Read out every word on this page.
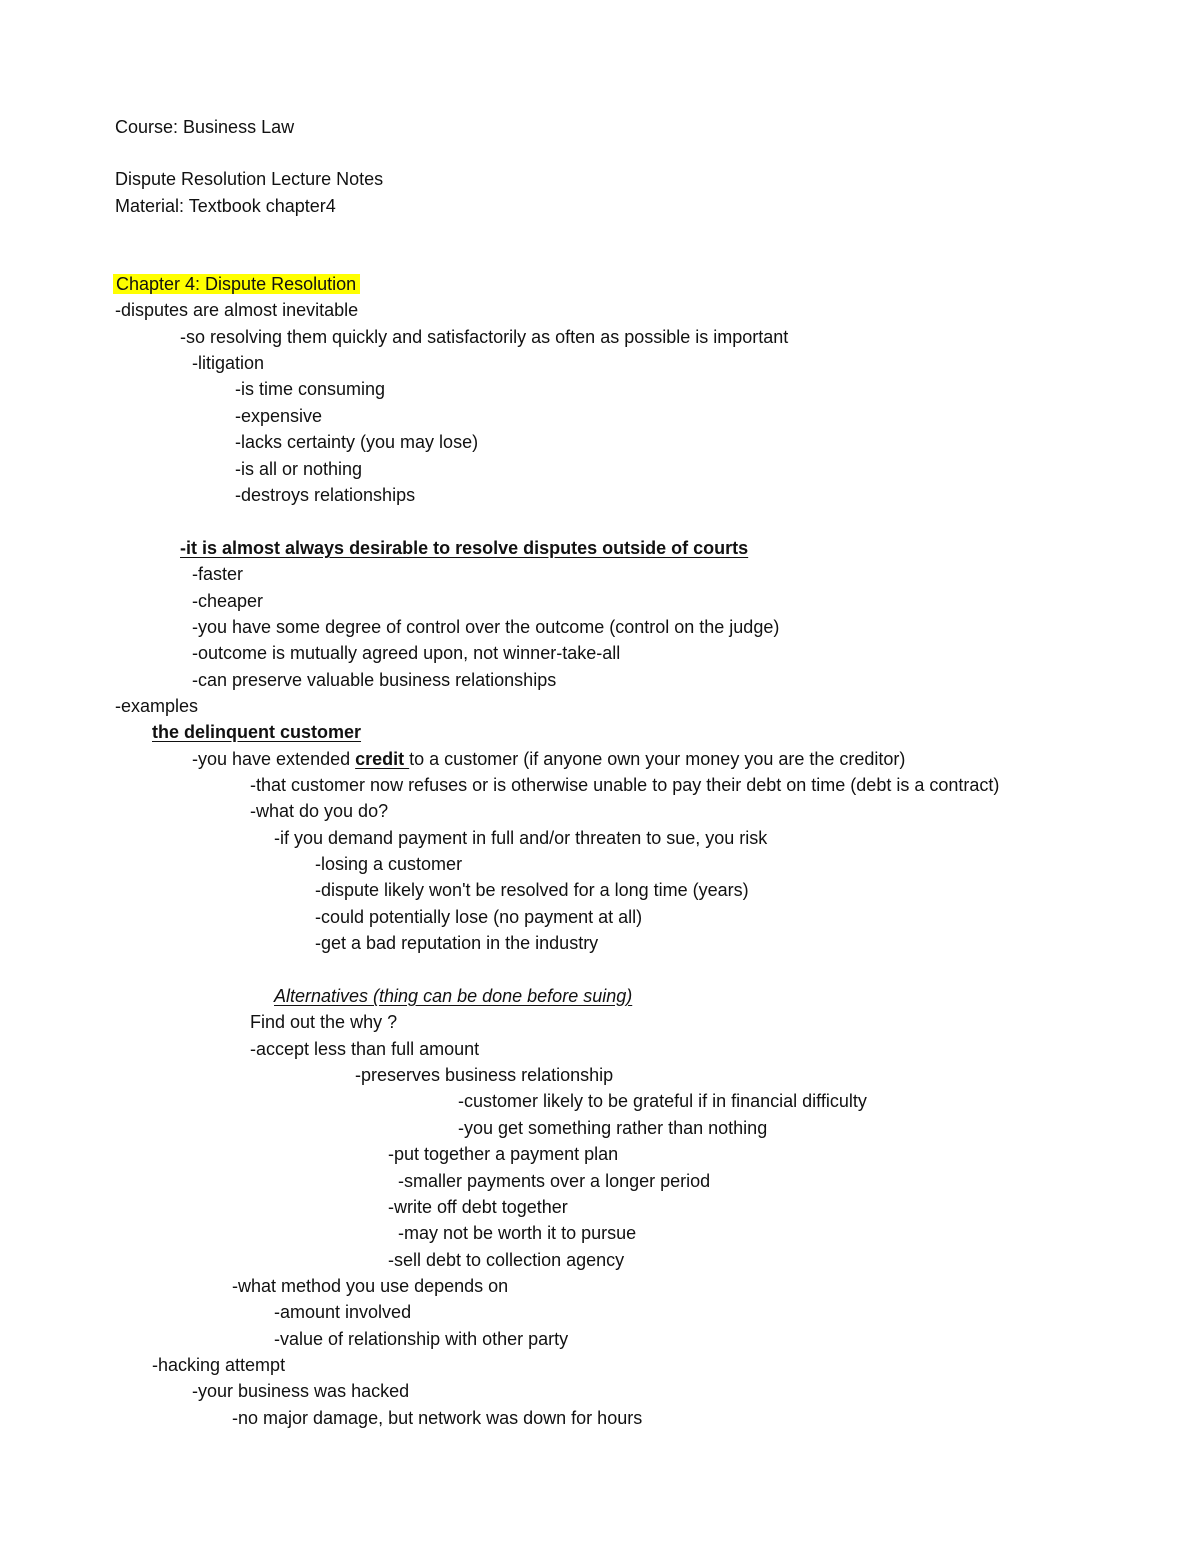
Course: Business Law
Dispute Resolution Lecture Notes
Material: Textbook chapter4
Chapter 4: Dispute Resolution
-disputes are almost inevitable
-so resolving them quickly and satisfactorily as often as possible is important
-litigation
-is time consuming
-expensive
-lacks certainty (you may lose)
-is all or nothing
-destroys relationships
-it is almost always desirable to resolve disputes outside of courts
-faster
-cheaper
-you have some degree of control over the outcome (control on the judge)
-outcome is mutually agreed upon, not winner-take-all
-can preserve valuable business relationships
-examples
the delinquent customer
-you have extended credit to a customer (if anyone own your money you are the creditor)
-that customer now refuses or is otherwise unable to pay their debt on time (debt is a contract)
-what do you do?
-if you demand payment in full and/or threaten to sue, you risk
-losing a customer
-dispute likely won't be resolved for a long time (years)
-could potentially lose (no payment at all)
-get a bad reputation in the industry
Alternatives (thing can be done before suing)
Find out the why ?
-accept less than full amount
-preserves business relationship
-customer likely to be grateful if in financial difficulty
-you get something rather than nothing
-put together a payment plan
-smaller payments over a longer period
-write off debt together
-may not be worth it to pursue
-sell debt to collection agency
-what method you use depends on
-amount involved
-value of relationship with other party
-hacking attempt
-your business was hacked
-no major damage, but network was down for hours
